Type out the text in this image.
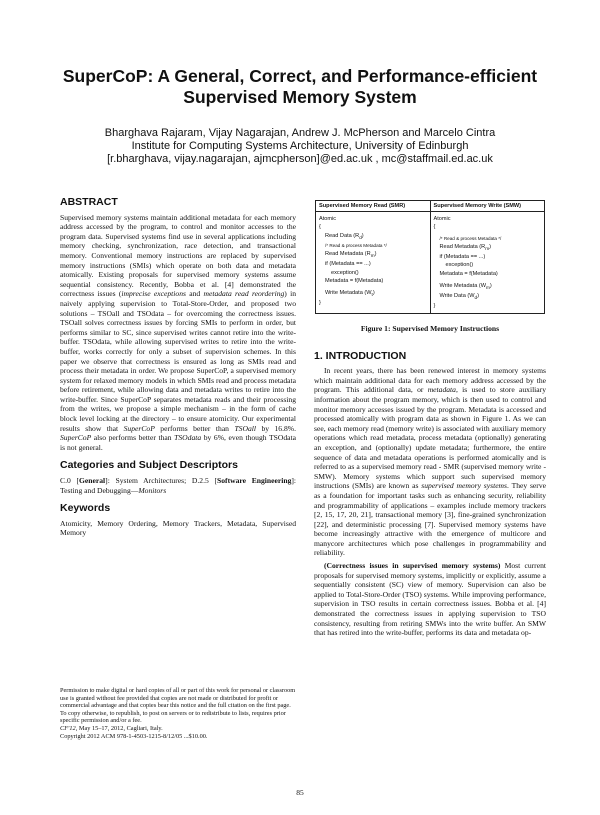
SuperCoP: A General, Correct, and Performance-efficient
Supervised Memory System
Bharghava Rajaram, Vijay Nagarajan, Andrew J. McPherson and Marcelo Cintra
Institute for Computing Systems Architecture, University of Edinburgh
[r.bharghava, vijay.nagarajan, ajmcpherson]@ed.ac.uk , mc@staffmail.ed.ac.uk
ABSTRACT

Supervised memory systems maintain additional metadata for each memory address accessed by the program, to control and monitor accesses to the program data. Supervised systems find use in several applications including memory checking, synchronization, race detection, and transactional memory. Conventional memory instructions are replaced by supervised memory instructions (SMIs) which operate on both data and metadata atomically. Existing proposals for supervised memory systems assume sequential consistency. Recently, Bobba et al. [4] demonstrated the correctness issues (imprecise exceptions and metadata read reordering) in naively applying supervision to Total-Store-Order, and proposed two solutions – TSOall and TSOdata – for overcoming the correctness issues. TSOall solves correctness issues by forcing SMIs to perform in order, but performs similar to SC, since supervised writes cannot retire into the write-buffer. TSOdata, while allowing supervised writes to retire into the write-buffer, works correctly for only a subset of supervision schemes. In this paper we observe that correctness is ensured as long as SMIs read and process their metadata in order. We propose SuperCoP, a supervised memory system for relaxed memory models in which SMIs read and process metadata before retirement, while allowing data and metadata writes to retire into the write-buffer. Since SuperCoP separates metadata reads and their processing from the writes, we propose a simple mechanism – in the form of cache block level locking at the directory – to ensure atomicity. Our experimental results show that SuperCoP performs better than TSOall by 16.8%. SuperCoP also performs better than TSOdata by 6%, even though TSOdata is not general.

Categories and Subject Descriptors

C.0 [General]: System Architectures; D.2.5 [Software Engineering]: Testing and Debugging—Monitors

Keywords

Atomicity, Memory Ordering, Memory Trackers, Metadata, Supervised Memory

Permission to make digital or hard copies of all or part of this work for personal or classroom use is granted without fee provided that copies are not made or distributed for profit or commercial advantage and that copies bear this notice and the full citation on the first page. To copy otherwise, to republish, to post on servers or to redistribute to lists, requires prior specific permission and/or a fee.

CF'12, May 15–17, 2012, Cagliari, Italy.

Copyright 2012 ACM 978-1-4503-1215-8/12/05 ...$10.00.

Supervised Memory Read (SMR)
Atomic
{
Read Data $(R_d)$
/* Read & process Metadata */
Read Metadata $(R_m)$
if (Metadata == ...)
exception()
Metadata = f(Metadata)
Write Metadata $(W_t)$
}
Supervised Memory Write (SMW)
Atomic
{
/* Read & process Metadata */
Read Metadata $(R_m)$
if (Metadata == ...)
exception()
Metadata = f(Metadata)
Write Metadata $(W_m)$
Write Data $(W_d)$
}
Figure 1: Supervised Memory Instructions
1. INTRODUCTION

In recent years, there has been renewed interest in memory systems which maintain additional data for each memory address accessed by the program. This additional data, or metadata, is used to store auxiliary information about the program memory, which is then used to control and monitor memory accesses issued by the program. Metadata is accessed and processed atomically with program data as shown in Figure 1. As we can see, each memory read (memory write) is associated with auxiliary memory operations which read metadata, process metadata (optionally) generating an exception, and (optionally) update metadata; furthermore, the entire sequence of data and metadata operations is performed atomically and is referred to as a supervised memory read - SMR (supervised memory write - SMW). Memory systems which support such supervised memory instructions (SMIs) are known as supervised memory systems. They serve as a foundation for important tasks such as enhancing security, reliability and programmability of applications – examples include memory trackers [2, 15, 17, 20, 21], transactional memory [3], fine-grained synchronization [22], and deterministic processing [7]. Supervised memory systems have become increasingly attractive with the emergence of multicore and manycore architectures which pose challenges in programmability and reliability.

(Correctness issues in supervised memory systems) Most current proposals for supervised memory systems, implicitly or explicitly, assume a sequentially consistent (SC) view of memory. Supervision can also be applied to Total-Store-Order (TSO) systems. While improving performance, supervision in TSO results in certain correctness issues. Bobba et al. [4] demonstrated the correctness issues in applying supervision to TSO consistency, resulting from retiring SMWs into the write buffer. An SMW that has retired into the write-buffer, performs its data and metadata op-

85
